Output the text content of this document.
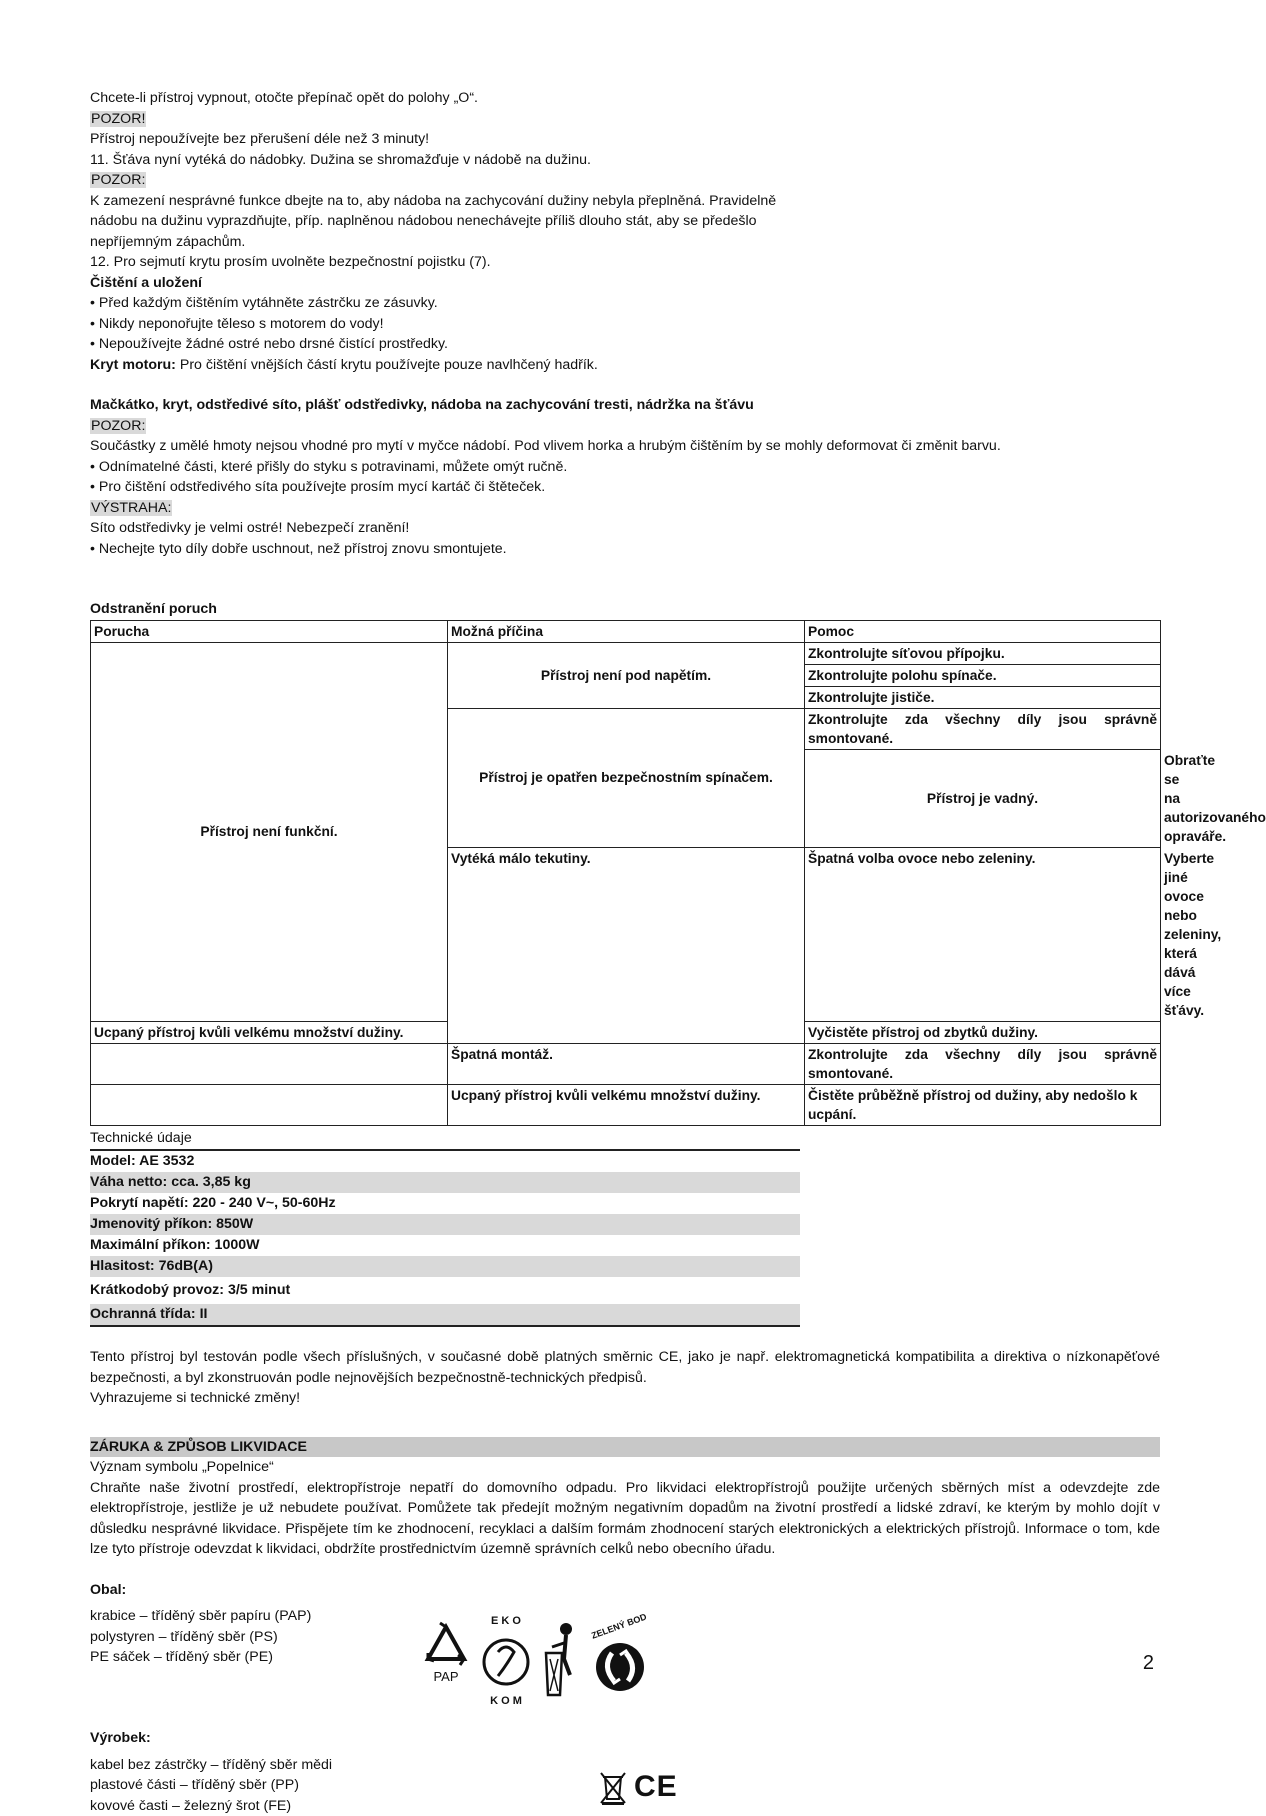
Chcete-li přístroj vypnout, otočte přepínač opět do polohy „O“.

POZOR!

Přístroj nepoužívejte bez přerušení déle než 3 minuty!

11. Šťáva nyní vytéká do nádobky. Dužina se shromažďuje v nádobě na dužinu.

POZOR:

K zamezení nesprávné funkce dbejte na to, aby nádoba na zachycování dužiny nebyla přeplněná. Pravidelně

nádobu na dužinu vyprazdňujte, příp. naplněnou nádobou nenechávejte příliš dlouho stát, aby se předešlo

nepříjemným zápachům.

12. Pro sejmutí krytu prosím uvolněte bezpečnostní pojistku (7).

Čištění a uložení

• Před každým čištěním vytáhněte zástrčku ze zásuvky.

• Nikdy neponořujte těleso s motorem do vody!

• Nepoužívejte žádné ostré nebo drsné čistící prostředky.

Kryt motoru: Pro čištění vnějších částí krytu používejte pouze navlhčený hadřík.

Mačkátko, kryt, odstředivé síto, plášť odstředivky, nádoba na zachycování tresti, nádržka na šťávu

POZOR:

Součástky z umělé hmoty nejsou vhodné pro mytí v myčce nádobí. Pod vlivem horka a hrubým čištěním by se mohly deformovat či změnit barvu.

• Odnímatelné části, které přišly do styku s potravinami, můžete omýt ručně.

• Pro čištění odstředivého síta používejte prosím mycí kartáč či štěteček.

VÝSTRAHA:

Síto odstředivky je velmi ostré! Nebezpečí zranění!

• Nechejte tyto díly dobře uschnout, než přístroj znovu smontujete.

Odstranění poruch

Porucha	Možná příčina	Pomoc	
Přístroj není funkční.	Přístroj není pod napětím.	Zkontrolujte síťovou přípojku.	
		Zkontrolujte polohu spínače.	
		Zkontrolujte jističe.	
	Přístroj je opatřen bezpečnostním spínačem.	Zkontrolujte zda všechny díly jsou správně smontované.	
		Přístroj je vadný.	Obraťte se na autorizovaného opraváře.
	Vytéká málo tekutiny.	Špatná volba ovoce nebo zeleniny.	Vyberte jiné ovoce nebo zeleniny, která dává více šťávy.
Ucpaný přístroj kvůli velkému množství dužiny.		Vyčistěte přístroj od zbytků dužiny.	
	Špatná montáž.	Zkontrolujte zda všechny díly jsou správně smontované.	
	Ucpaný přístroj kvůli velkému množství dužiny.	Čistěte průběžně přístroj od dužiny, aby nedošlo k ucpání.	
Technické údaje
Model: AE 3532
Váha netto: cca. 3,85 kg
Pokrytí napětí: 220 - 240 V~, 50-60Hz
Jmenovitý příkon: 850W
Maximální příkon: 1000W
Hlasitost: 76dB(A)
Krátkodobý provoz: 3/5 minut
Ochranná třída: II

Tento přístroj byl testován podle všech příslušných, v současné době platných směrnic CE, jako je např. elektromagnetická kompatibilita a direktiva o nízkonapěťové bezpečnosti, a byl zkonstruován podle nejnovějších bezpečnostně-technických předpisů.

Vyhrazujeme si technické změny!

ZÁRUKA & ZPŮSOB LIKVIDACE

Význam symbolu „Popelnice“

Chraňte naše životní prostředí, elektropřístroje nepatří do domovního odpadu. Pro likvidaci elektropřístrojů použijte určených sběrných míst a odevzdejte zde elektropřístroje, jestliže je už nebudete používat. Pomůžete tak předejít možným negativním dopadům na životní prostředí a lidské zdraví, ke kterým by mohlo dojít v důsledku nesprávné likvidace. Přispějete tím ke zhodnocení, recyklaci a dalším formám zhodnocení starých elektronických a elektrických přístrojů. Informace o tom, kde lze tyto přístroje odevzdat k likvidaci, obdržíte prostřednictvím územně správních celků nebo obecního úřadu.

Obal:

krabice – tříděný sběr papíru (PAP)

polystyren – tříděný sběr (PS)

PE sáček – tříděný sběr (PE)

PAP
E K O
K O M
ZELENÝ BOD

Výrobek:

kabel bez zástrčky – tříděný sběr mědi

plastové části – tříděný sběr (PP)

kovové časti – železný šrot (FE)

CE
2
